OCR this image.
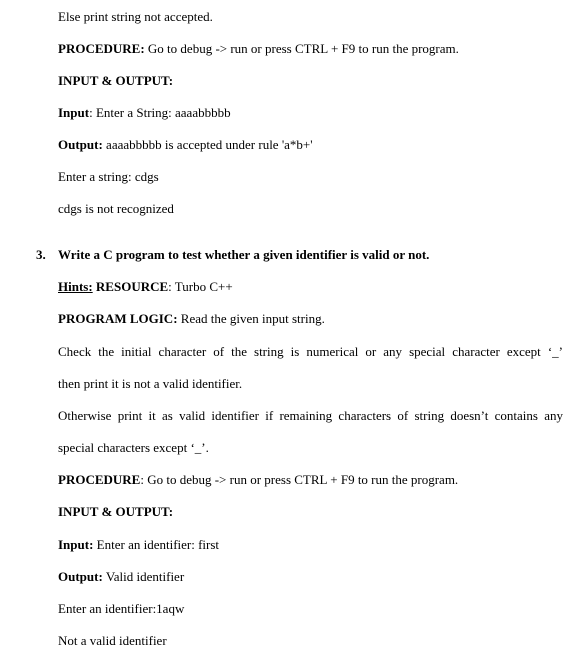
Else print string not accepted.
PROCEDURE: Go to debug -> run or press CTRL + F9 to run the program.
INPUT & OUTPUT:
Input: Enter a String: aaaabbbbb
Output: aaaabbbbb is accepted under rule 'a*b+'
Enter a string: cdgs
cdgs is not recognized
3. Write a C program to test whether a given identifier is valid or not.
Hints: RESOURCE: Turbo C++
PROGRAM LOGIC: Read the given input string.
Check the initial character of the string is numerical or any special character except ‘_’
then print it is not a valid identifier.
Otherwise print it as valid identifier if remaining characters of string doesn’t contains any
special characters except ‘_’.
PROCEDURE: Go to debug -> run or press CTRL + F9 to run the program.
INPUT & OUTPUT:
Input: Enter an identifier: first
Output: Valid identifier
Enter an identifier:1aqw
Not a valid identifier
